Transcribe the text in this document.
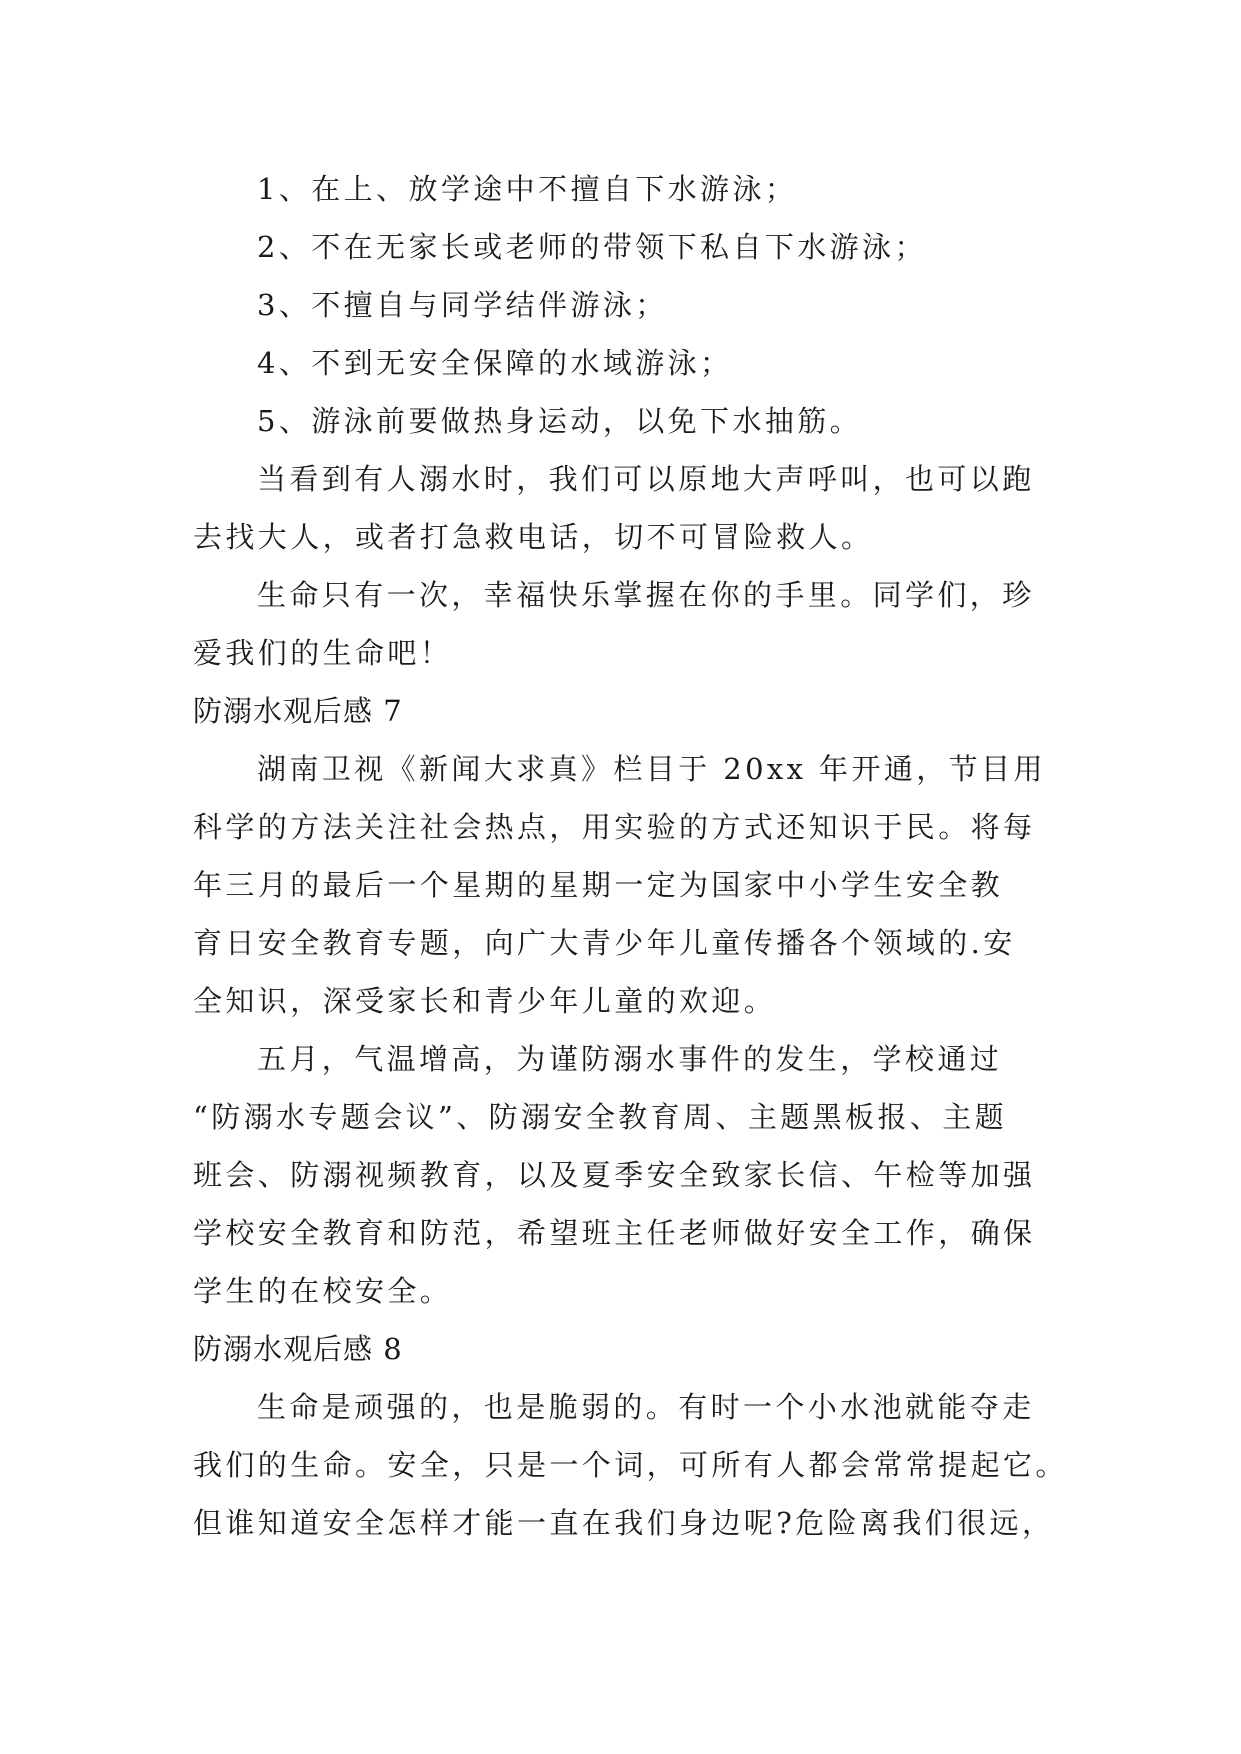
1、在上、放学途中不擅自下水游泳；
2、不在无家长或老师的带领下私自下水游泳；
3、不擅自与同学结伴游泳；
4、不到无安全保障的水域游泳；
5、游泳前要做热身运动，以免下水抽筋。
当看到有人溺水时，我们可以原地大声呼叫，也可以跑
去找大人，或者打急救电话，切不可冒险救人。
生命只有一次，幸福快乐掌握在你的手里。同学们，珍
爱我们的生命吧！
防溺水观后感 7
湖南卫视《新闻大求真》栏目于 20xx 年开通，节目用
科学的方法关注社会热点，用实验的方式还知识于民。将每
年三月的最后一个星期的星期一定为国家中小学生安全教
育日安全教育专题，向广大青少年儿童传播各个领域的.安
全知识，深受家长和青少年儿童的欢迎。
五月，气温增高，为谨防溺水事件的发生，学校通过
“防溺水专题会议”、防溺安全教育周、主题黑板报、主题
班会、防溺视频教育，以及夏季安全致家长信、午检等加强
学校安全教育和防范，希望班主任老师做好安全工作，确保
学生的在校安全。
防溺水观后感 8
生命是顽强的，也是脆弱的。有时一个小水池就能夺走
我们的生命。安全，只是一个词，可所有人都会常常提起它。
但谁知道安全怎样才能一直在我们身边呢?危险离我们很远，
